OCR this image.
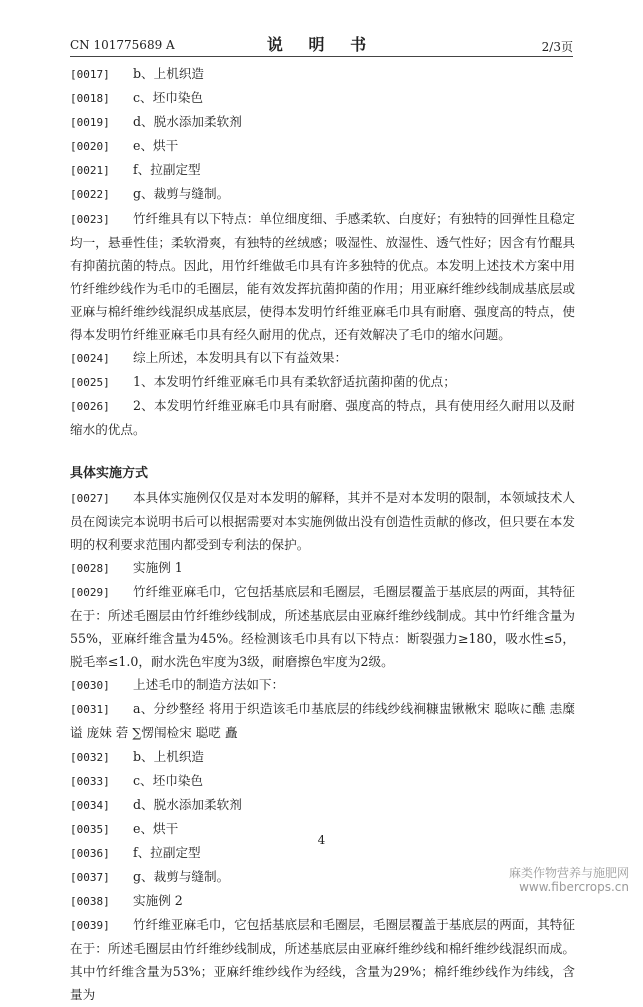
CN 101775689 A	说 明 书	2/3页

[0017] b、上机织造

[0018] c、坯巾染色

[0019] d、脱水添加柔软剂

[0020] e、烘干

[0021] f、拉副定型

[0022] g、裁剪与缝制。

[0023] 竹纤维具有以下特点：单位细度细、手感柔软、白度好；有独特的回弹性且稳定均一，悬垂性佳；柔软滑爽，有独特的丝绒感；吸湿性、放湿性、透气性好；因含有竹醌具有抑菌抗菌的特点。因此，用竹纤维做毛巾具有许多独特的优点。本发明上述技术方案中用竹纤维纱线作为毛巾的毛圈层，能有效发挥抗菌抑菌的作用；用亚麻纤维纱线制成基底层或亚麻与棉纤维纱线混织成基底层，使得本发明竹纤维亚麻毛巾具有耐磨、强度高的特点，使得本发明竹纤维亚麻毛巾具有经久耐用的优点，还有效解决了毛巾的缩水问题。

[0024] 综上所述，本发明具有以下有益效果：

[0025] 1、本发明竹纤维亚麻毛巾具有柔软舒适抗菌抑菌的优点；

[0026] 2、本发明竹纤维亚麻毛巾具有耐磨、强度高的特点，具有使用经久耐用以及耐缩水的优点。

具体实施方式

[0027] 本具体实施例仅仅是对本发明的解释，其并不是对本发明的限制，本领域技术人员在阅读完本说明书后可以根据需要对本实施例做出没有创造性贡献的修改，但只要在本发明的权利要求范围内都受到专利法的保护。

[0028] 实施例 1

[0029] 竹纤维亚麻毛巾，它包括基底层和毛圈层，毛圈层覆盖于基底层的两面，其特征在于：所述毛圈层由竹纤维纱线制成，所述基底层由亚麻纤维纱线制成。其中竹纤维含量为55%，亚麻纤维含量为45%。经检测该毛巾具有以下特点：断裂强力≥180，吸水性≤5，脱毛率≤1.0，耐水洗色牢度为3级，耐磨擦色牢度为2级。

[0030] 上述毛巾的制造方法如下：

[0031] a、分纱整经 将用于织造该毛巾基底层的纬线纱线裥糠盅锹楸宋 聪咴に醮 恚糜谥 庞妹 菪 ∑愣闱检宋 聪呓 矗

[0032] b、上机织造

[0033] c、坯巾染色

[0034] d、脱水添加柔软剂

[0035] e、烘干

[0036] f、拉副定型

[0037] g、裁剪与缝制。

[0038] 实施例 2

[0039] 竹纤维亚麻毛巾，它包括基底层和毛圈层，毛圈层覆盖于基底层的两面，其特征在于：所述毛圈层由竹纤维纱线制成，所述基底层由亚麻纤维纱线和棉纤维纱线混织而成。其中竹纤维含量为53%；亚麻纤维纱线作为经线，含量为29%；棉纤维纱线作为纬线，含量为

4
麻类作物营养与施肥网
www.fibercrops.cn
